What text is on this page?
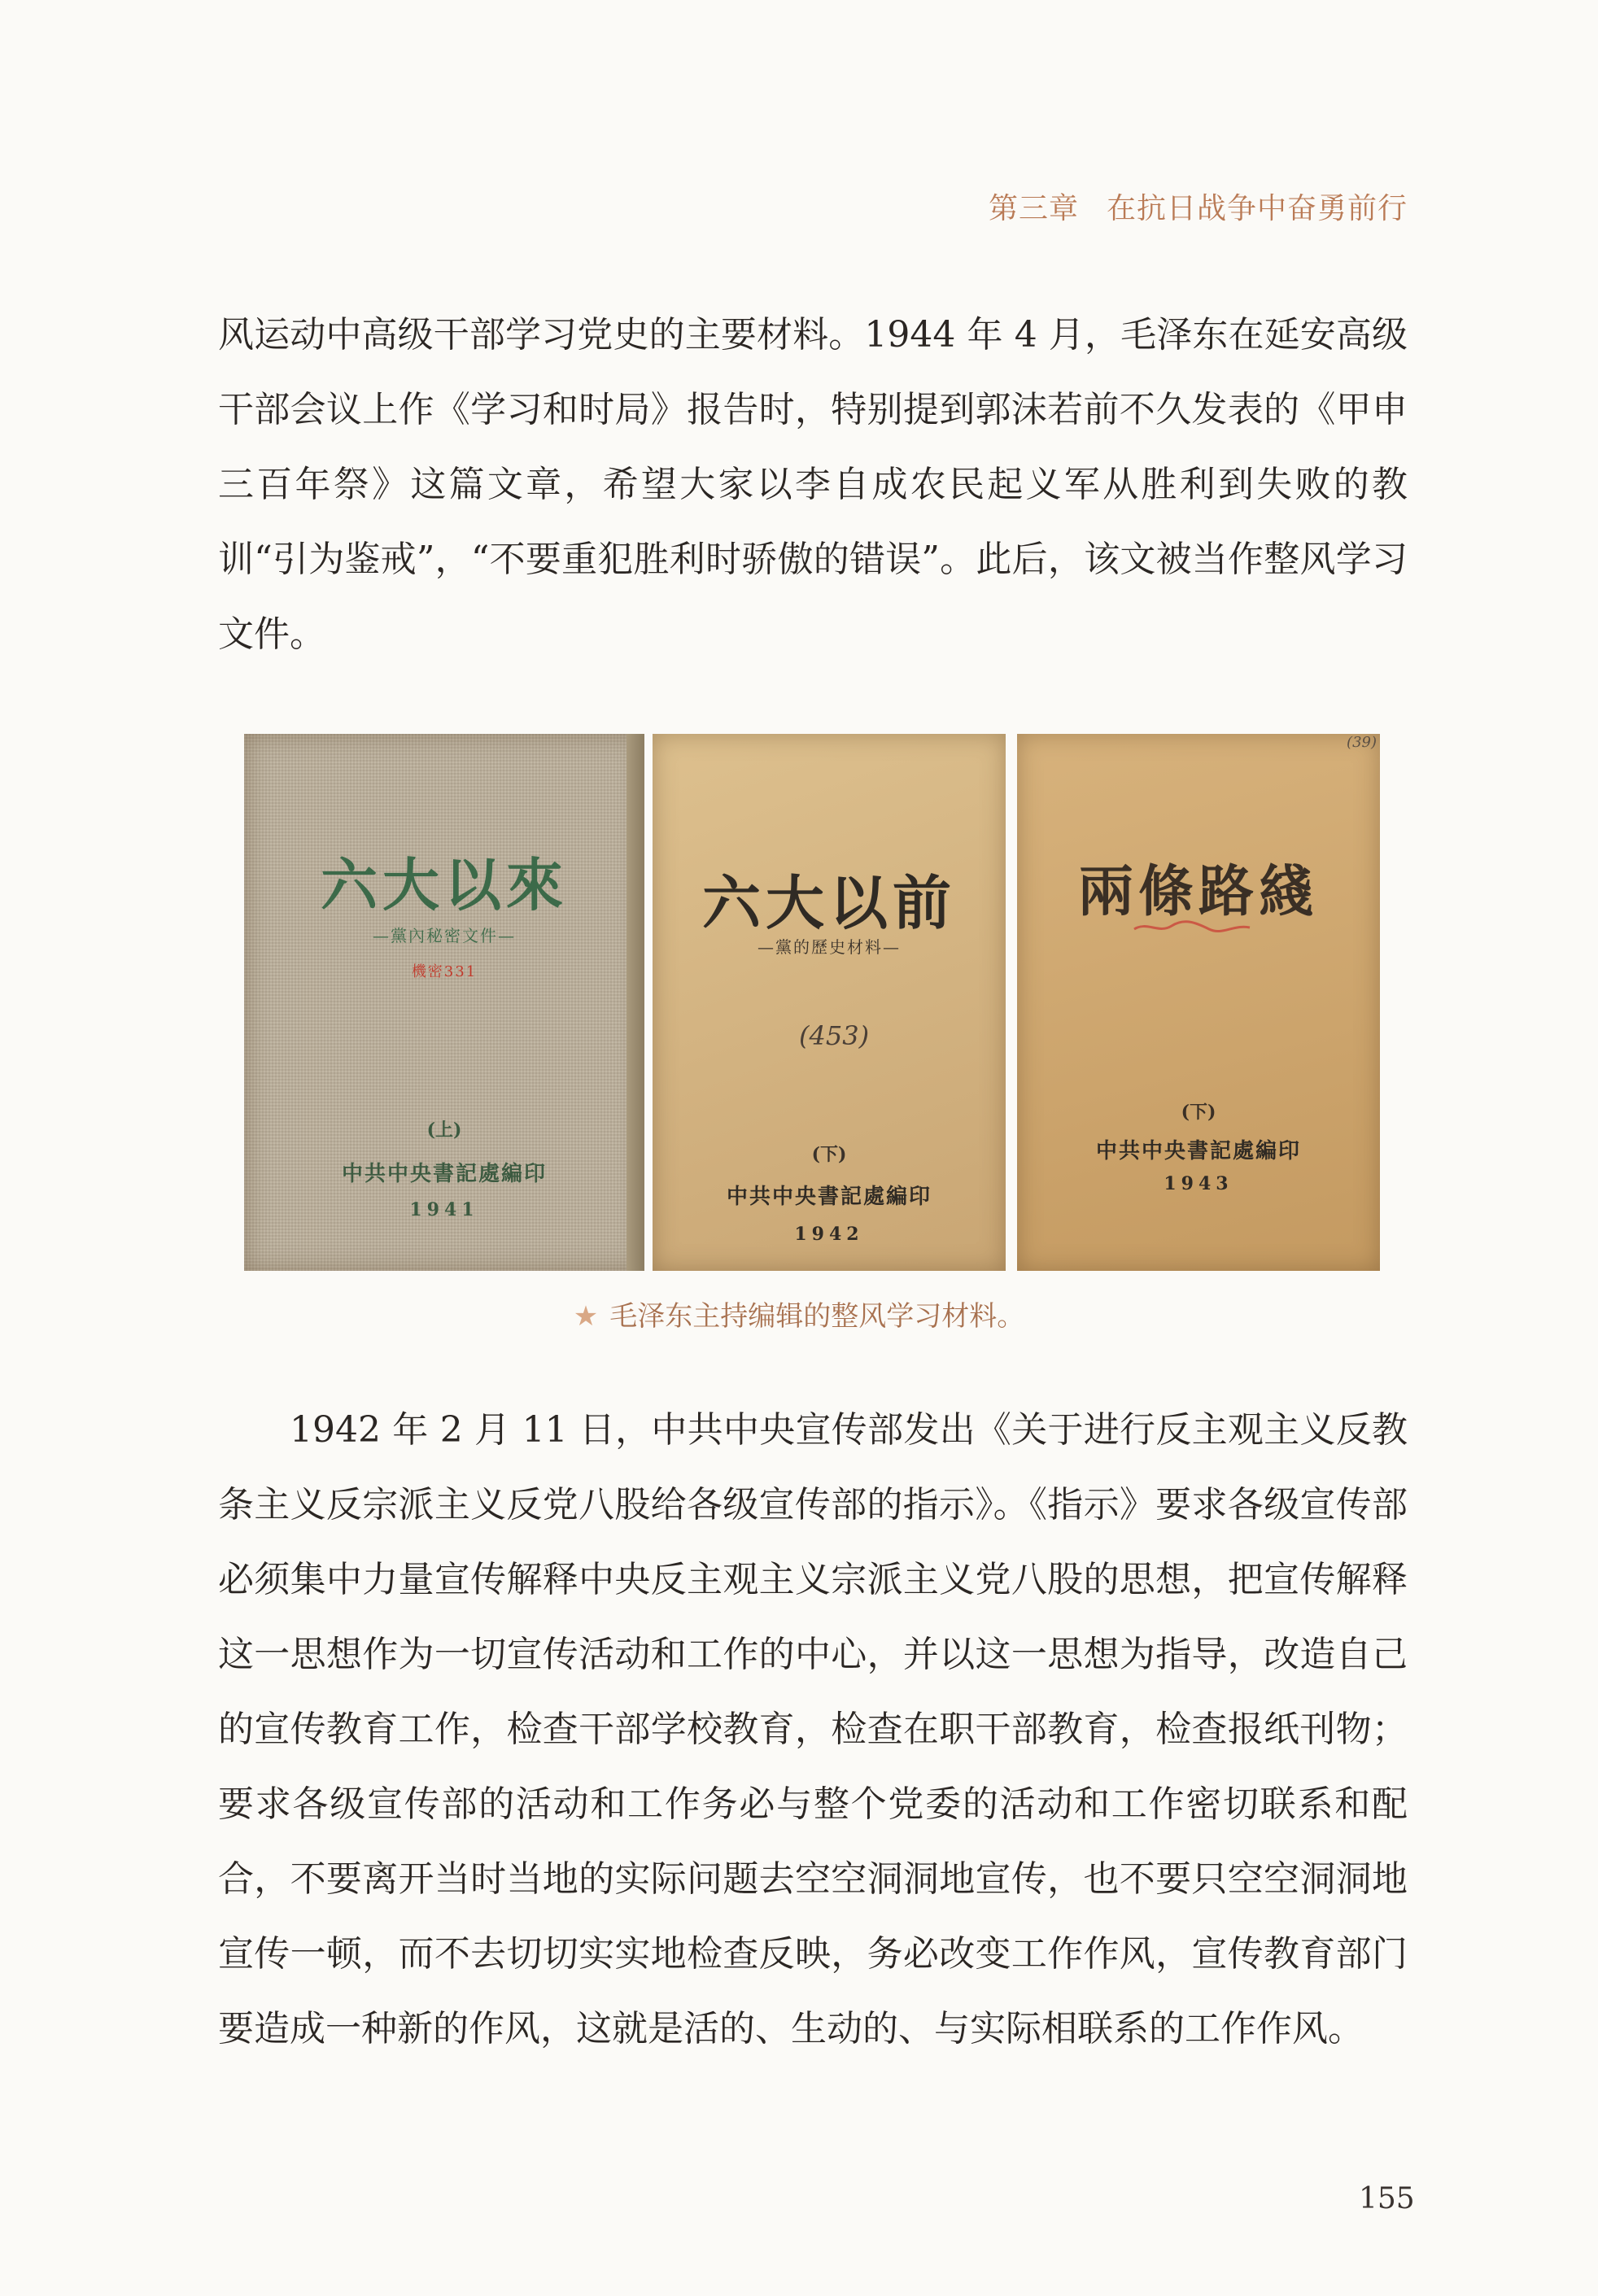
第三章 在抗日战争中奋勇前行

风运动中高级干部学习党史的主要材料。1944 年 4 月，毛泽东在延安高级干部会议上作《学习和时局》报告时，特别提到郭沫若前不久发表的《甲申三百年祭》这篇文章，希望大家以李自成农民起义军从胜利到失败的教训“引为鉴戒”，“不要重犯胜利时骄傲的错误”。此后，该文被当作整风学习文件。

六大以來
—黨內秘密文件—
機密331
(上)
中共中央書記處編印
1941
六大以前
—黨的歷史材料—
(453)
(下)
中共中央書記處編印
1942
(39)
兩條路綫
(下)
中共中央書記處編印
1943
★ 毛泽东主持编辑的整风学习材料。

1942 年 2 月 11 日，中共中央宣传部发出《关于进行反主观主义反教条主义反宗派主义反党八股给各级宣传部的指示》。《指示》要求各级宣传部必须集中力量宣传解释中央反主观主义宗派主义党八股的思想，把宣传解释这一思想作为一切宣传活动和工作的中心，并以这一思想为指导，改造自己的宣传教育工作，检查干部学校教育，检查在职干部教育，检查报纸刊物；要求各级宣传部的活动和工作务必与整个党委的活动和工作密切联系和配合，不要离开当时当地的实际问题去空空洞洞地宣传，也不要只空空洞洞地宣传一顿，而不去切切实实地检查反映，务必改变工作作风，宣传教育部门要造成一种新的作风，这就是活的、生动的、与实际相联系的工作作风。

155
